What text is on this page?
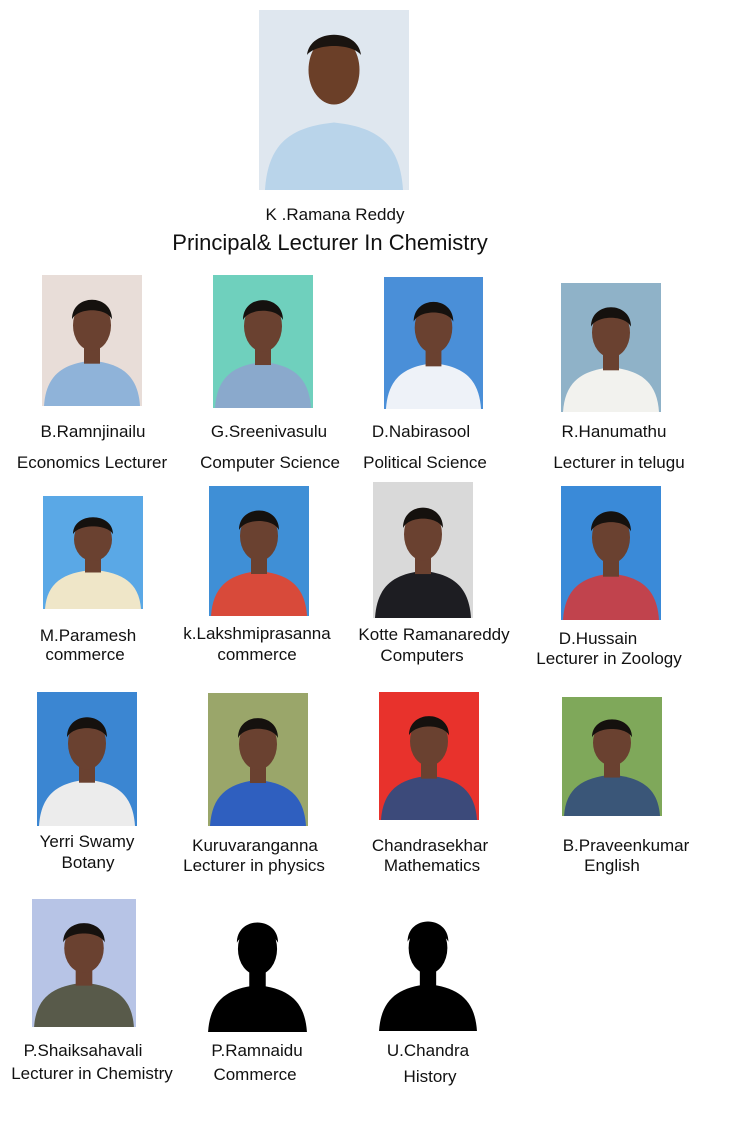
K .Ramana Reddy
Principal& Lecturer In Chemistry
B.Ramnjinailu
Economics Lecturer
G.Sreenivasulu
Computer Science
D.Nabirasool
Political Science
R.Hanumathu
Lecturer in telugu
M.Paramesh
commerce
k.Lakshmiprasanna
commerce
Kotte Ramanareddy
Computers
D.Hussain
Lecturer in Zoology
Yerri Swamy
Botany
Kuruvaranganna
Lecturer in physics
Chandrasekhar
Mathematics
B.Praveenkumar
English
P.Shaiksahavali
Lecturer in Chemistry
P.Ramnaidu
Commerce
U.Chandra
History
